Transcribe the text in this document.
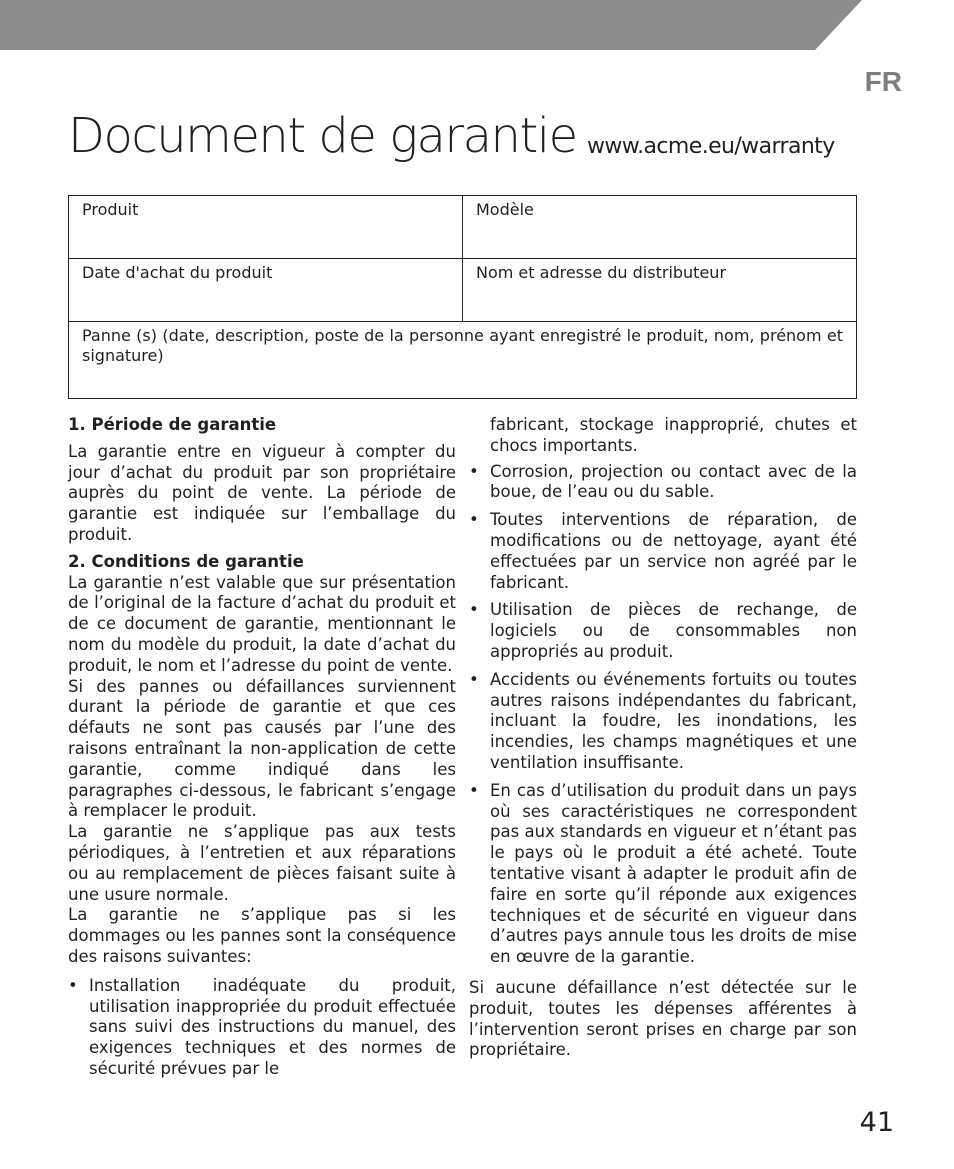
FR
Document de garantie www.acme.eu/warranty
Produit	Modèle
Date d'achat du produit	Nom et adresse du distributeur
Panne (s) (date, description, poste de la personne ayant enregistré le produit, nom, prénom et signature)	

1. Période de garantie

La garantie entre en vigueur à compter du jour d’achat du produit par son propriétaire auprès du point de vente. La période de garantie est indiquée sur l’emballage du produit.

2. Conditions de garantie

La garantie n’est valable que sur présentation de l’original de la facture d’achat du produit et de ce document de garantie, mentionnant le nom du modèle du produit, la date d’achat du produit, le nom et l’adresse du point de vente.

Si des pannes ou défaillances surviennent durant la période de garantie et que ces défauts ne sont pas causés par l’une des raisons entraînant la non-application de cette garantie, comme indiqué dans les paragraphes ci-dessous, le fabricant s’engage à remplacer le produit.

La garantie ne s’applique pas aux tests périodiques, à l’entretien et aux réparations ou au remplacement de pièces faisant suite à une usure normale.

La garantie ne s’applique pas si les dommages ou les pannes sont la conséquence des raisons suivantes:

• Installation inadéquate du produit, utilisation inappropriée du produit effectuée sans suivi des instructions du manuel, des exigences techniques et des normes de sécurité prévues par le

fabricant, stockage inapproprié, chutes et chocs importants.

• Corrosion, projection ou contact avec de la boue, de l’eau ou du sable.
• Toutes interventions de réparation, de modifications ou de nettoyage, ayant été effectuées par un service non agréé par le fabricant.
• Utilisation de pièces de rechange, de logiciels ou de consommables non appropriés au produit.
• Accidents ou événements fortuits ou toutes autres raisons indépendantes du fabricant, incluant la foudre, les inondations, les incendies, les champs magnétiques et une ventilation insuffisante.
• En cas d’utilisation du produit dans un pays où ses caractéristiques ne correspondent pas aux standards en vigueur et n’étant pas le pays où le produit a été acheté. Toute tentative visant à adapter le produit afin de faire en sorte qu’il réponde aux exigences techniques et de sécurité en vigueur dans d’autres pays annule tous les droits de mise en œuvre de la garantie.

Si aucune défaillance n’est détectée sur le produit, toutes les dépenses afférentes à l’intervention seront prises en charge par son propriétaire.

41
